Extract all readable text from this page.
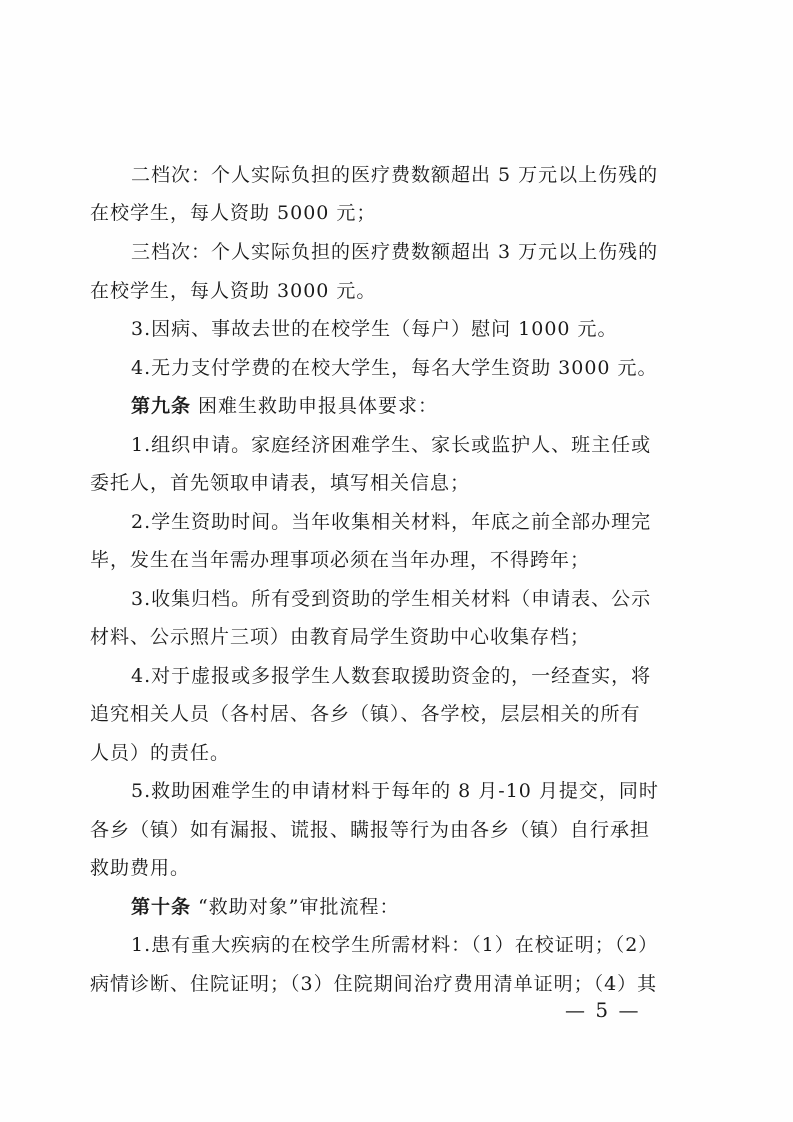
二档次：个人实际负担的医疗费数额超出 5 万元以上伤残的
在校学生，每人资助 5000 元；
三档次：个人实际负担的医疗费数额超出 3 万元以上伤残的
在校学生，每人资助 3000 元。
3.因病、事故去世的在校学生（每户）慰问 1000 元。
4.无力支付学费的在校大学生，每名大学生资助 3000 元。
第九条 困难生救助申报具体要求：
1.组织申请。家庭经济困难学生、家长或监护人、班主任或
委托人，首先领取申请表，填写相关信息；
2.学生资助时间。当年收集相关材料，年底之前全部办理完
毕，发生在当年需办理事项必须在当年办理，不得跨年；
3.收集归档。所有受到资助的学生相关材料（申请表、公示
材料、公示照片三项）由教育局学生资助中心收集存档；
4.对于虚报或多报学生人数套取援助资金的，一经查实，将
追究相关人员（各村居、各乡（镇）、各学校，层层相关的所有
人员）的责任。
5.救助困难学生的申请材料于每年的 8 月-10 月提交，同时
各乡（镇）如有漏报、谎报、瞒报等行为由各乡（镇）自行承担
救助费用。
第十条 “救助对象”审批流程：
1.患有重大疾病的在校学生所需材料：（1）在校证明；（2）
病情诊断、住院证明；（3）住院期间治疗费用清单证明；（4）其
— 5 —
